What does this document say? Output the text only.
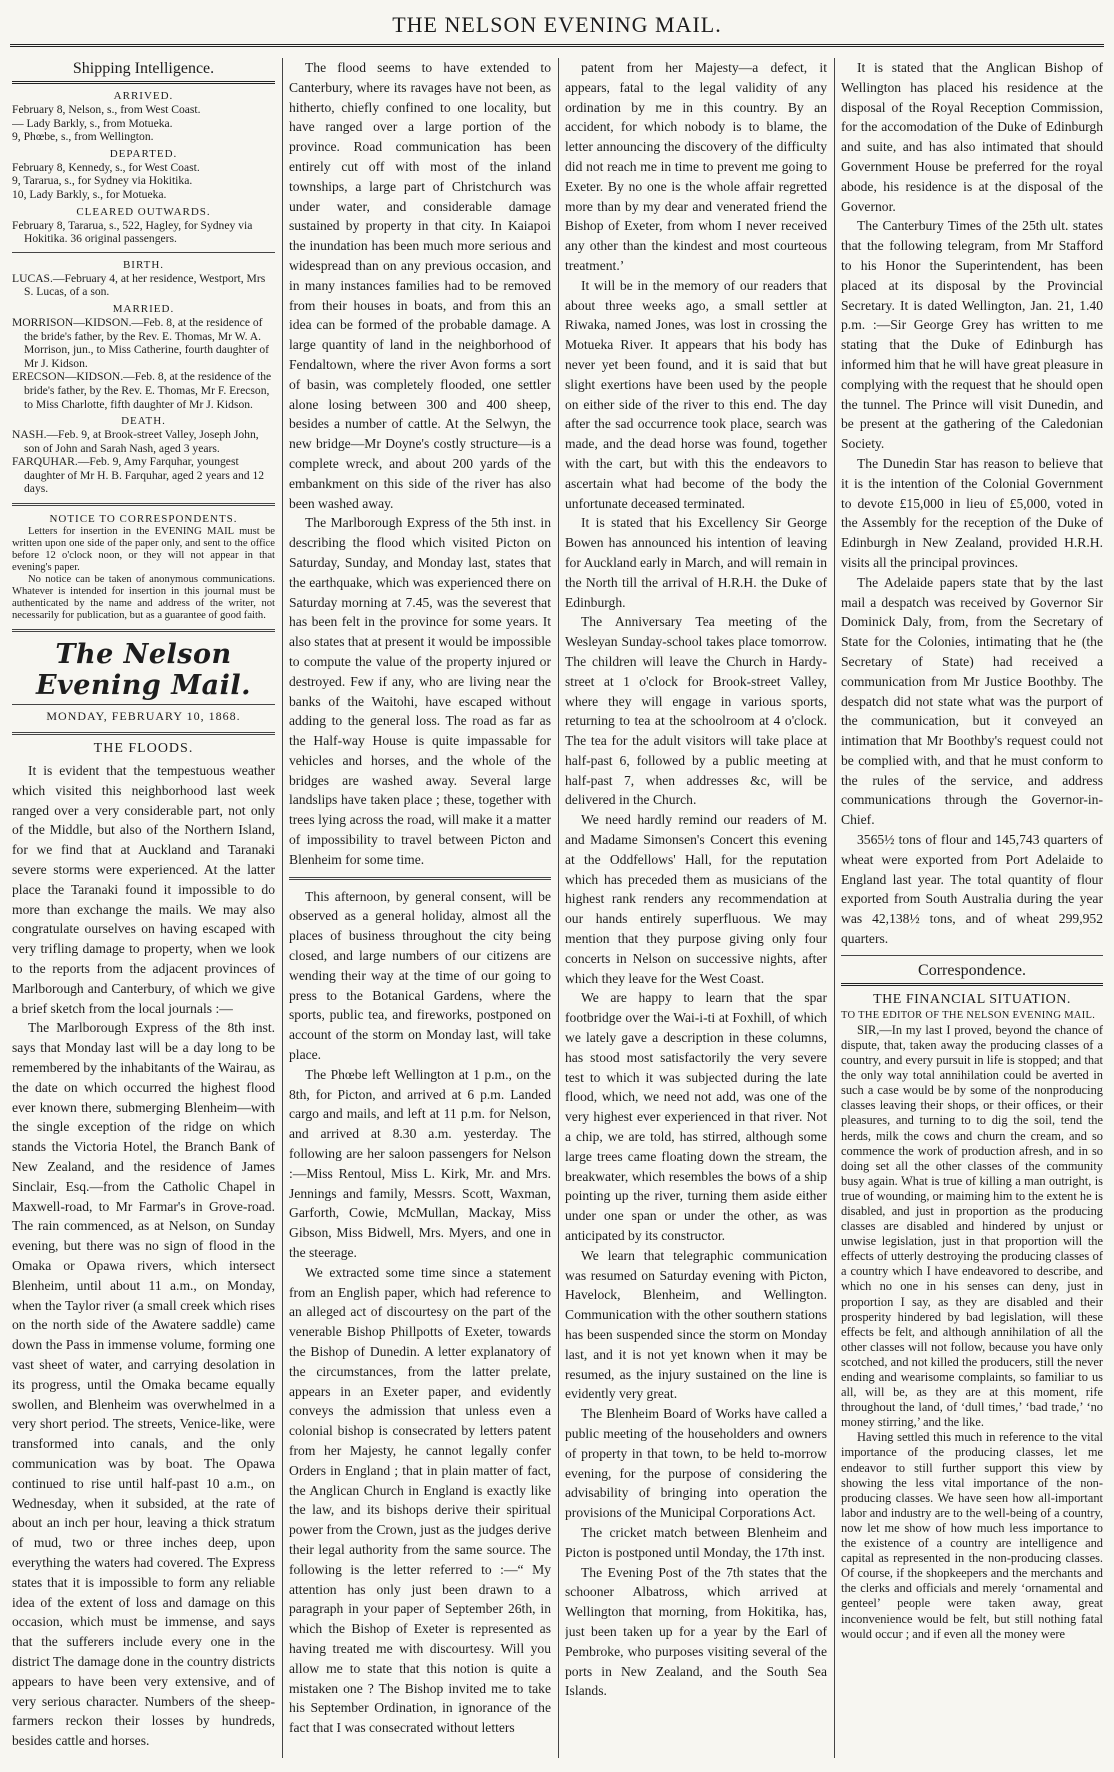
THE NELSON EVENING MAIL.
Shipping Intelligence.
ARRIVED.
February 8, Nelson, s., from West Coast.
— Lady Barkly, s., from Motueka.
9, Phœbe, s., from Wellington.
DEPARTED.
February 8, Kennedy, s., for West Coast.
9, Tararua, s., for Sydney via Hokitika.
10, Lady Barkly, s., for Motueka.
CLEARED OUTWARDS.
February 8, Tararua, s., 522, Hagley, for Sydney via Hokitika. 36 original passengers.
BIRTH.
LUCAS.—February 4, at her residence, Westport, Mrs S. Lucas, of a son.
MARRIED.
MORRISON—KIDSON.—Feb. 8, at the residence of the bride's father, by the Rev. E. Thomas, Mr W. A. Morrison, jun., to Miss Catherine, fourth daughter of Mr J. Kidson.
ERECSON—KIDSON.—Feb. 8, at the residence of the bride's father, by the Rev. E. Thomas, Mr F. Erecson, to Miss Charlotte, fifth daughter of Mr J. Kidson.
DEATH.
NASH.—Feb. 9, at Brook-street Valley, Joseph John, son of John and Sarah Nash, aged 3 years.
FARQUHAR.—Feb. 9, Amy Farquhar, youngest daughter of Mr H. B. Farquhar, aged 2 years and 12 days.
NOTICE TO CORRESPONDENTS.

Letters for insertion in the EVENING MAIL must be written upon one side of the paper only, and sent to the office before 12 o'clock noon, or they will not appear in that evening's paper.

No notice can be taken of anonymous communications. Whatever is intended for insertion in this journal must be authenticated by the name and address of the writer, not necessarily for publication, but as a guarantee of good faith.

The Nelson Evening Mail.
MONDAY, FEBRUARY 10, 1868.
THE FLOODS.

It is evident that the tempestuous weather which visited this neighborhood last week ranged over a very considerable part, not only of the Middle, but also of the Northern Island, for we find that at Auckland and Taranaki severe storms were experienced. At the latter place the Taranaki found it impossible to do more than exchange the mails. We may also congratulate ourselves on having escaped with very trifling damage to property, when we look to the reports from the adjacent provinces of Marlborough and Canterbury, of which we give a brief sketch from the local journals :—

The Marlborough Express of the 8th inst. says that Monday last will be a day long to be remembered by the inhabitants of the Wairau, as the date on which occurred the highest flood ever known there, submerging Blenheim—with the single exception of the ridge on which stands the Victoria Hotel, the Branch Bank of New Zealand, and the residence of James Sinclair, Esq.—from the Catholic Chapel in Maxwell-road, to Mr Farmar's in Grove-road. The rain commenced, as at Nelson, on Sunday evening, but there was no sign of flood in the Omaka or Opawa rivers, which intersect Blenheim, until about 11 a.m., on Monday, when the Taylor river (a small creek which rises on the north side of the Awatere saddle) came down the Pass in immense volume, forming one vast sheet of water, and carrying desolation in its progress, until the Omaka became equally swollen, and Blenheim was overwhelmed in a very short period. The streets, Venice-like, were transformed into canals, and the only communication was by boat. The Opawa continued to rise until half-past 10 a.m., on Wednesday, when it subsided, at the rate of about an inch per hour, leaving a thick stratum of mud, two or three inches deep, upon everything the waters had covered. The Express states that it is impossible to form any reliable idea of the extent of loss and damage on this occasion, which must be immense, and says that the sufferers include every one in the district The damage done in the country districts appears to have been very extensive, and of very serious character. Numbers of the sheep-farmers reckon their losses by hundreds, besides cattle and horses.

The flood seems to have extended to Canterbury, where its ravages have not been, as hitherto, chiefly confined to one locality, but have ranged over a large portion of the province. Road communication has been entirely cut off with most of the inland townships, a large part of Christchurch was under water, and considerable damage sustained by property in that city. In Kaiapoi the inundation has been much more serious and widespread than on any previous occasion, and in many instances families had to be removed from their houses in boats, and from this an idea can be formed of the probable damage. A large quantity of land in the neighborhood of Fendaltown, where the river Avon forms a sort of basin, was completely flooded, one settler alone losing between 300 and 400 sheep, besides a number of cattle. At the Selwyn, the new bridge—Mr Doyne's costly structure—is a complete wreck, and about 200 yards of the embankment on this side of the river has also been washed away.

The Marlborough Express of the 5th inst. in describing the flood which visited Picton on Saturday, Sunday, and Monday last, states that the earthquake, which was experienced there on Saturday morning at 7.45, was the severest that has been felt in the province for some years. It also states that at present it would be impossible to compute the value of the property injured or destroyed. Few if any, who are living near the banks of the Waitohi, have escaped without adding to the general loss. The road as far as the Half-way House is quite impassable for vehicles and horses, and the whole of the bridges are washed away. Several large landslips have taken place ; these, together with trees lying across the road, will make it a matter of impossibility to travel between Picton and Blenheim for some time.

This afternoon, by general consent, will be observed as a general holiday, almost all the places of business throughout the city being closed, and large numbers of our citizens are wending their way at the time of our going to press to the Botanical Gardens, where the sports, public tea, and fireworks, postponed on account of the storm on Monday last, will take place.

The Phœbe left Wellington at 1 p.m., on the 8th, for Picton, and arrived at 6 p.m. Landed cargo and mails, and left at 11 p.m. for Nelson, and arrived at 8.30 a.m. yesterday. The following are her saloon passengers for Nelson :—Miss Rentoul, Miss L. Kirk, Mr. and Mrs. Jennings and family, Messrs. Scott, Waxman, Garforth, Cowie, McMullan, Mackay, Miss Gibson, Miss Bidwell, Mrs. Myers, and one in the steerage.

We extracted some time since a statement from an English paper, which had reference to an alleged act of discourtesy on the part of the venerable Bishop Phillpotts of Exeter, towards the Bishop of Dunedin. A letter explanatory of the circumstances, from the latter prelate, appears in an Exeter paper, and evidently conveys the admission that unless even a colonial bishop is consecrated by letters patent from her Majesty, he cannot legally confer Orders in England ; that in plain matter of fact, the Anglican Church in England is exactly like the law, and its bishops derive their spiritual power from the Crown, just as the judges derive their legal authority from the same source. The following is the letter referred to :—“ My attention has only just been drawn to a paragraph in your paper of September 26th, in which the Bishop of Exeter is represented as having treated me with discourtesy. Will you allow me to state that this notion is quite a mistaken one ? The Bishop invited me to take his September Ordination, in ignorance of the fact that I was consecrated without letters

patent from her Majesty—a defect, it appears, fatal to the legal validity of any ordination by me in this country. By an accident, for which nobody is to blame, the letter announcing the discovery of the difficulty did not reach me in time to prevent me going to Exeter. By no one is the whole affair regretted more than by my dear and venerated friend the Bishop of Exeter, from whom I never received any other than the kindest and most courteous treatment.’

It will be in the memory of our readers that about three weeks ago, a small settler at Riwaka, named Jones, was lost in crossing the Motueka River. It appears that his body has never yet been found, and it is said that but slight exertions have been used by the people on either side of the river to this end. The day after the sad occurrence took place, search was made, and the dead horse was found, together with the cart, but with this the endeavors to ascertain what had become of the body the unfortunate deceased terminated.

It is stated that his Excellency Sir George Bowen has announced his intention of leaving for Auckland early in March, and will remain in the North till the arrival of H.R.H. the Duke of Edinburgh.

The Anniversary Tea meeting of the Wesleyan Sunday-school takes place tomorrow. The children will leave the Church in Hardy-street at 1 o'clock for Brook-street Valley, where they will engage in various sports, returning to tea at the schoolroom at 4 o'clock. The tea for the adult visitors will take place at half-past 6, followed by a public meeting at half-past 7, when addresses &c, will be delivered in the Church.

We need hardly remind our readers of M. and Madame Simonsen's Concert this evening at the Oddfellows' Hall, for the reputation which has preceded them as musicians of the highest rank renders any recommendation at our hands entirely superfluous. We may mention that they purpose giving only four concerts in Nelson on successive nights, after which they leave for the West Coast.

We are happy to learn that the spar footbridge over the Wai-i-ti at Foxhill, of which we lately gave a description in these columns, has stood most satisfactorily the very severe test to which it was subjected during the late flood, which, we need not add, was one of the very highest ever experienced in that river. Not a chip, we are told, has stirred, although some large trees came floating down the stream, the breakwater, which resembles the bows of a ship pointing up the river, turning them aside either under one span or under the other, as was anticipated by its constructor.

We learn that telegraphic communication was resumed on Saturday evening with Picton, Havelock, Blenheim, and Wellington. Communication with the other southern stations has been suspended since the storm on Monday last, and it is not yet known when it may be resumed, as the injury sustained on the line is evidently very great.

The Blenheim Board of Works have called a public meeting of the householders and owners of property in that town, to be held to-morrow evening, for the purpose of considering the advisability of bringing into operation the provisions of the Municipal Corporations Act.

The cricket match between Blenheim and Picton is postponed until Monday, the 17th inst.

The Evening Post of the 7th states that the schooner Albatross, which arrived at Wellington that morning, from Hokitika, has, just been taken up for a year by the Earl of Pembroke, who purposes visiting several of the ports in New Zealand, and the South Sea Islands.

It is stated that the Anglican Bishop of Wellington has placed his residence at the disposal of the Royal Reception Commission, for the accomodation of the Duke of Edinburgh and suite, and has also intimated that should Government House be preferred for the royal abode, his residence is at the disposal of the Governor.

The Canterbury Times of the 25th ult. states that the following telegram, from Mr Stafford to his Honor the Superintendent, has been placed at its disposal by the Provincial Secretary. It is dated Wellington, Jan. 21, 1.40 p.m. :—Sir George Grey has written to me stating that the Duke of Edinburgh has informed him that he will have great pleasure in complying with the request that he should open the tunnel. The Prince will visit Dunedin, and be present at the gathering of the Caledonian Society.

The Dunedin Star has reason to believe that it is the intention of the Colonial Government to devote £15,000 in lieu of £5,000, voted in the Assembly for the reception of the Duke of Edinburgh in New Zealand, provided H.R.H. visits all the principal provinces.

The Adelaide papers state that by the last mail a despatch was received by Governor Sir Dominick Daly, from, from the Secretary of State for the Colonies, intimating that he (the Secretary of State) had received a communication from Mr Justice Boothby. The despatch did not state what was the purport of the communication, but it conveyed an intimation that Mr Boothby's request could not be complied with, and that he must conform to the rules of the service, and address communications through the Governor-in-Chief.

3565½ tons of flour and 145,743 quarters of wheat were exported from Port Adelaide to England last year. The total quantity of flour exported from South Australia during the year was 42,138½ tons, and of wheat 299,952 quarters.

Correspondence.
THE FINANCIAL SITUATION.
TO THE EDITOR OF THE NELSON EVENING MAIL.

SIR,—In my last I proved, beyond the chance of dispute, that, taken away the producing classes of a country, and every pursuit in life is stopped; and that the only way total annihilation could be averted in such a case would be by some of the nonproducing classes leaving their shops, or their offices, or their pleasures, and turning to to dig the soil, tend the herds, milk the cows and churn the cream, and so commence the work of production afresh, and in so doing set all the other classes of the community busy again. What is true of killing a man outright, is true of wounding, or maiming him to the extent he is disabled, and just in proportion as the producing classes are disabled and hindered by unjust or unwise legislation, just in that proportion will the effects of utterly destroying the producing classes of a country which I have endeavored to describe, and which no one in his senses can deny, just in proportion I say, as they are disabled and their prosperity hindered by bad legislation, will these effects be felt, and although annihilation of all the other classes will not follow, because you have only scotched, and not killed the producers, still the never ending and wearisome complaints, so familiar to us all, will be, as they are at this moment, rife throughout the land, of ‘dull times,’ ‘bad trade,’ ‘no money stirring,’ and the like.

Having settled this much in reference to the vital importance of the producing classes, let me endeavor to still further support this view by showing the less vital importance of the non-producing classes. We have seen how all-important labor and industry are to the well-being of a country, now let me show of how much less importance to the existence of a country are intelligence and capital as represented in the non-producing classes. Of course, if the shopkeepers and the merchants and the clerks and officials and merely ‘ornamental and genteel’ people were taken away, great inconvenience would be felt, but still nothing fatal would occur ; and if even all the money were
